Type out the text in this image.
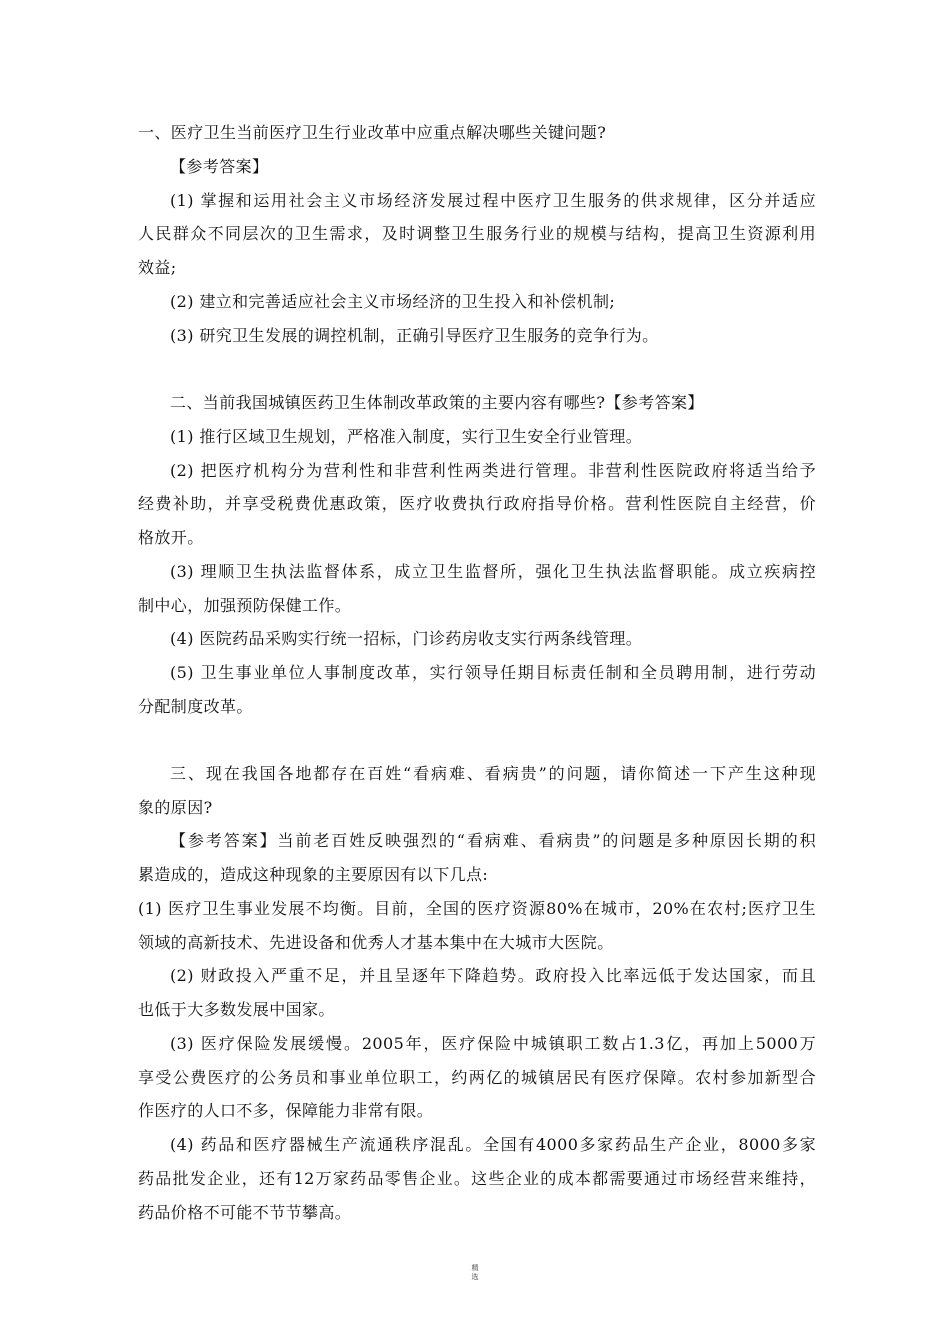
一、医疗卫生当前医疗卫生行业改革中应重点解决哪些关键问题?
【参考答案】
(1) 掌握和运用社会主义市场经济发展过程中医疗卫生服务的供求规律，区分并适应
人民群众不同层次的卫生需求，及时调整卫生服务行业的规模与结构，提高卫生资源利用
效益;
(2) 建立和完善适应社会主义市场经济的卫生投入和补偿机制;
(3) 研究卫生发展的调控机制，正确引导医疗卫生服务的竞争行为。
二、当前我国城镇医药卫生体制改革政策的主要内容有哪些?【参考答案】
(1) 推行区域卫生规划，严格准入制度，实行卫生安全行业管理。
(2) 把医疗机构分为营利性和非营利性两类进行管理。非营利性医院政府将适当给予
经费补助，并享受税费优惠政策，医疗收费执行政府指导价格。营利性医院自主经营，价
格放开。
(3) 理顺卫生执法监督体系，成立卫生监督所，强化卫生执法监督职能。成立疾病控
制中心，加强预防保健工作。
(4) 医院药品采购实行统一招标，门诊药房收支实行两条线管理。
(5) 卫生事业单位人事制度改革，实行领导任期目标责任制和全员聘用制，进行劳动
分配制度改革。
三、现在我国各地都存在百姓“看病难、看病贵”的问题，请你简述一下产生这种现
象的原因?
【参考答案】当前老百姓反映强烈的“看病难、看病贵”的问题是多种原因长期的积
累造成的，造成这种现象的主要原因有以下几点:
(1) 医疗卫生事业发展不均衡。目前，全国的医疗资源80%在城市，20%在农村;医疗卫生
领域的高新技术、先进设备和优秀人才基本集中在大城市大医院。
(2) 财政投入严重不足，并且呈逐年下降趋势。政府投入比率远低于发达国家，而且
也低于大多数发展中国家。
(3) 医疗保险发展缓慢。2005年，医疗保险中城镇职工数占1.3亿，再加上5000万
享受公费医疗的公务员和事业单位职工，约两亿的城镇居民有医疗保障。农村参加新型合
作医疗的人口不多，保障能力非常有限。
(4) 药品和医疗器械生产流通秩序混乱。全国有4000多家药品生产企业，8000多家
药品批发企业，还有12万家药品零售企业。这些企业的成本都需要通过市场经营来维持，
药品价格不可能不节节攀高。
精
选
